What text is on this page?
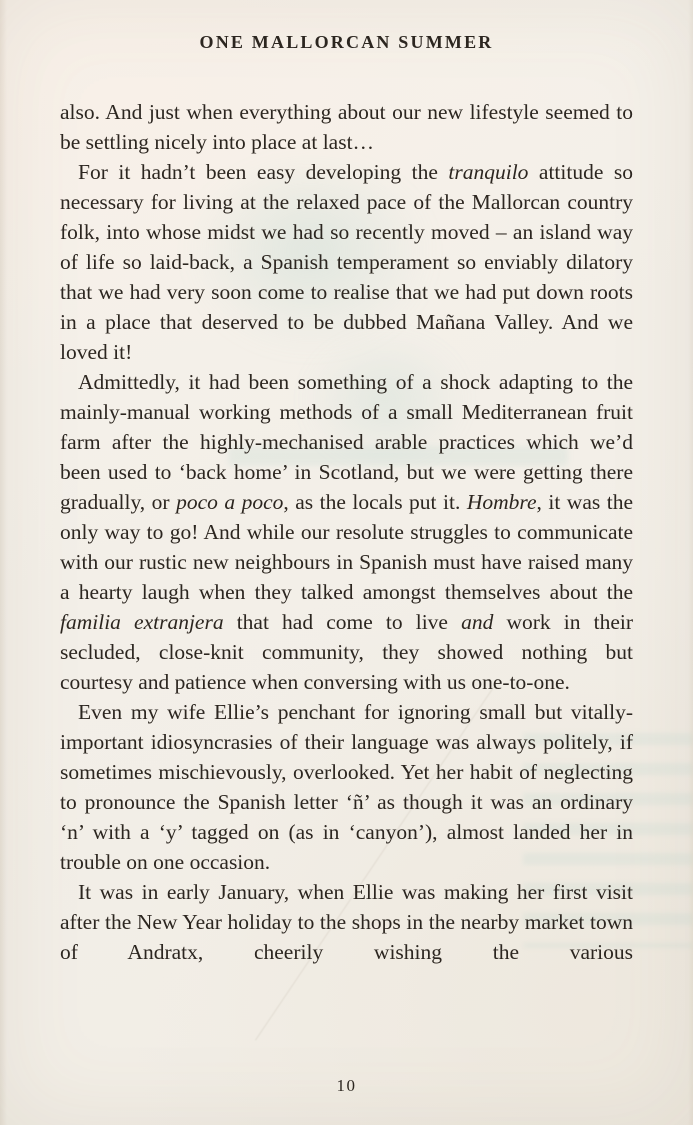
ONE MALLORCAN SUMMER

also. And just when everything about our new lifestyle seemed to be settling nicely into place at last…

For it hadn’t been easy developing the tranquilo attitude so necessary for living at the relaxed pace of the Mallorcan country folk, into whose midst we had so recently moved – an island way of life so laid-back, a Spanish temperament so enviably dilatory that we had very soon come to realise that we had put down roots in a place that deserved to be dubbed Mañana Valley. And we loved it!

Admittedly, it had been something of a shock adapting to the mainly-manual working methods of a small Mediterranean fruit farm after the highly-mechanised arable practices which we’d been used to ‘back home’ in Scotland, but we were getting there gradually, or poco a poco, as the locals put it. Hombre, it was the only way to go! And while our resolute struggles to communicate with our rustic new neighbours in Spanish must have raised many a hearty laugh when they talked amongst themselves about the familia extranjera that had come to live and work in their secluded, close-knit community, they showed nothing but courtesy and patience when conversing with us one-to-one.

Even my wife Ellie’s penchant for ignoring small but vitally-important idiosyncrasies of their language was always politely, if sometimes mischievously, overlooked. Yet her habit of neglecting to pronounce the Spanish letter ‘ñ’ as though it was an ordinary ‘n’ with a ‘y’ tagged on (as in ‘canyon’), almost landed her in trouble on one occasion.

It was in early January, when Ellie was making her first visit after the New Year holiday to the shops in the nearby market town of Andratx, cheerily wishing the various

10
